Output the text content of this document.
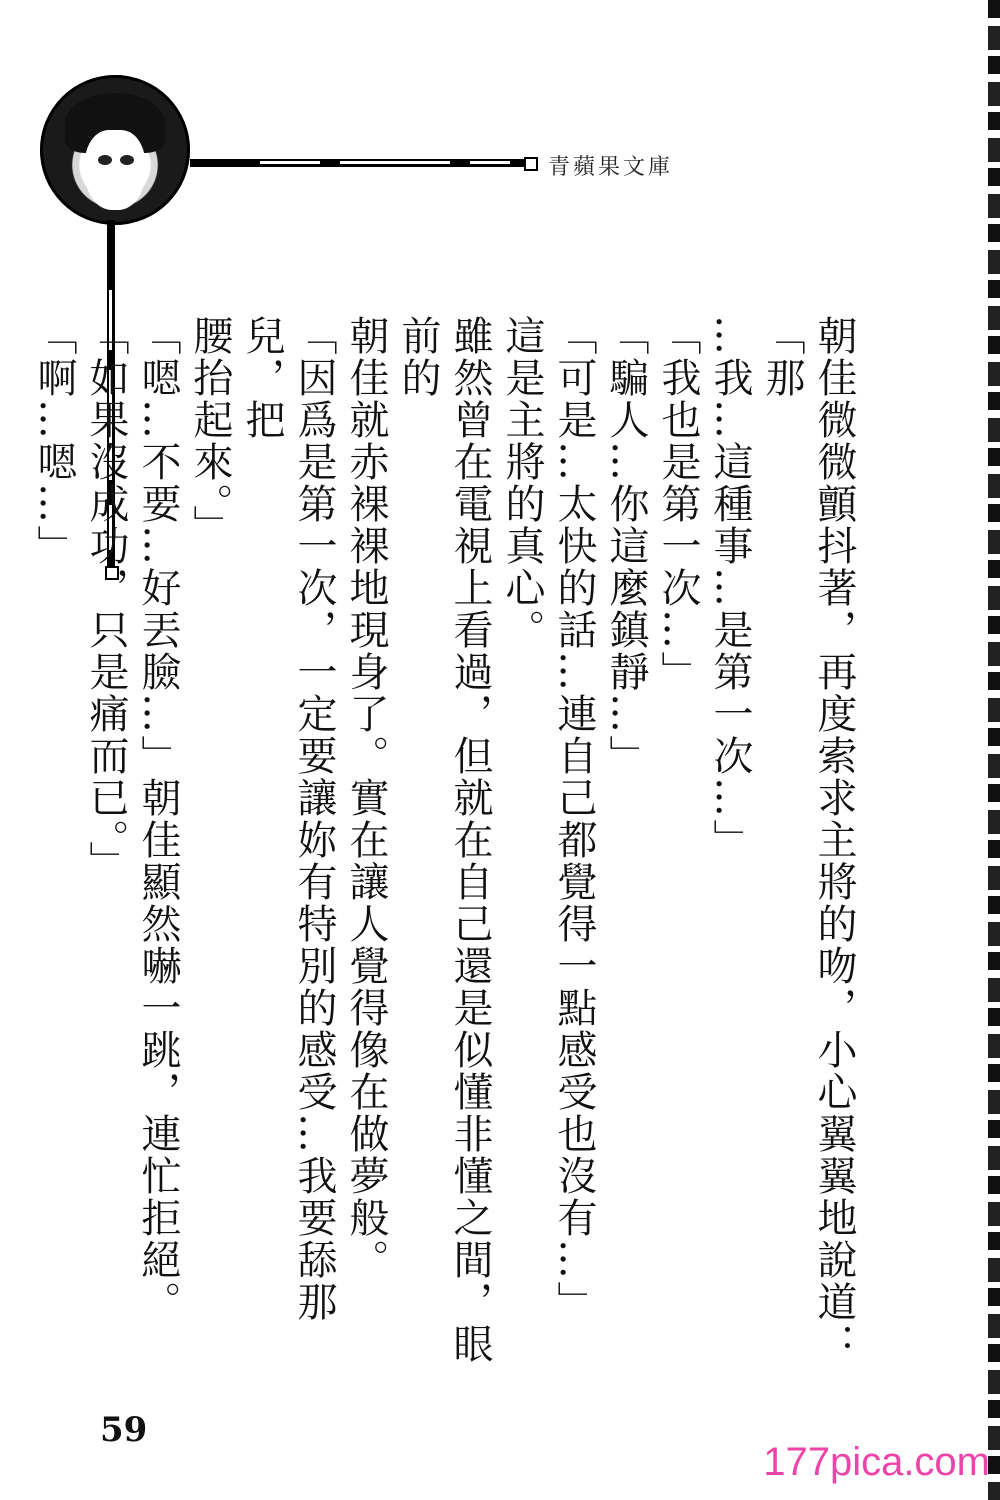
青蘋果文庫

朝佳微微顫抖著，再度索求主將的吻，小心翼翼地說道：「那

…我…這種事…是第一次…」

「我也是第一次…」

「騙人…你這麼鎮靜…」

「可是…太快的話…連自己都覺得一點感受也沒有…」

這是主將的真心。

雖然曾在電視上看過，但就在自己還是似懂非懂之間，眼前的

朝佳就赤裸裸地現身了。實在讓人覺得像在做夢般。

「因爲是第一次，一定要讓妳有特別的感受…我要舔那兒，把

腰抬起來。」

「嗯…不要…好丟臉…」朝佳顯然嚇一跳，連忙拒絕。

「如果沒成功，只是痛而已。」

「啊…嗯…」

59
177pica.com
